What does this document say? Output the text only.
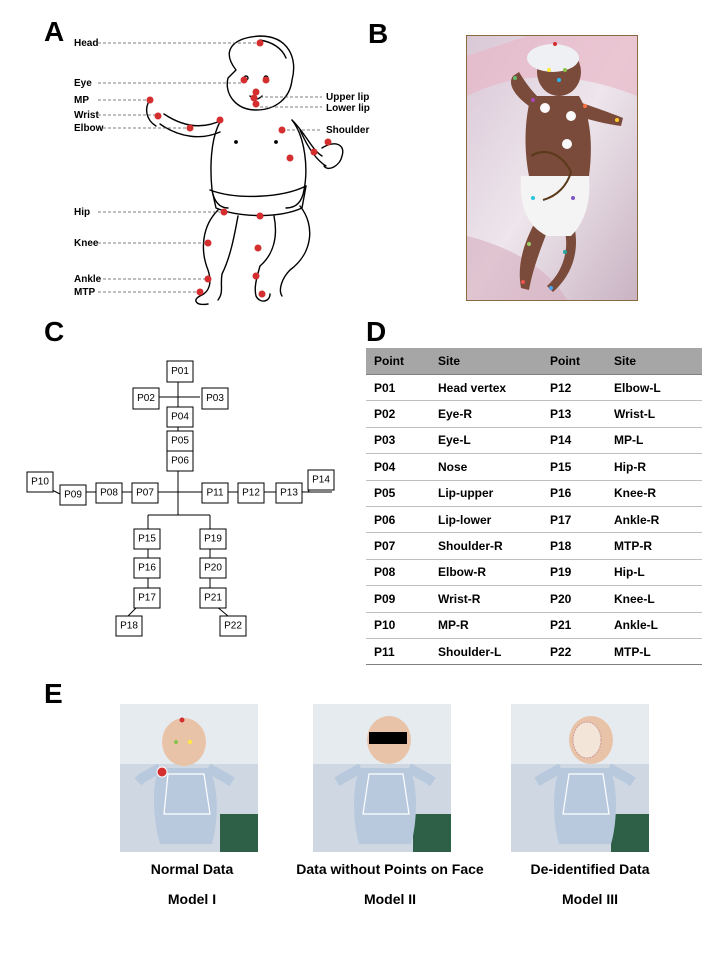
A	B
C	D
E
Head
Eye
MP
Wrist
Elbow
Hip
Knee
Ankle
MTP
Upper lip
Lower lip
Shoulder
P01
P02	P03
P04
P05
P06
P07
P08
P09
P10
P11 P12 P13
P14
P15
P16
P17
P18
P19
P20
P21
P22
Point	Site	Point	Site
P01	Head vertex	P12	Elbow-L
P02	Eye-R	P13	Wrist-L
P03	Eye-L	P14	MP-L
P04	Nose	P15	Hip-R
P05	Lip-upper	P16	Knee-R
P06	Lip-lower	P17	Ankle-R
P07	Shoulder-R	P18	MTP-R
P08	Elbow-R	P19	Hip-L
P09	Wrist-R	P20	Knee-L
P10	MP-R	P21	Ankle-L
P11	Shoulder-L	P22	MTP-L
Normal Data
Model I
Data without Points on Face
Model II
De-identified Data
Model III
